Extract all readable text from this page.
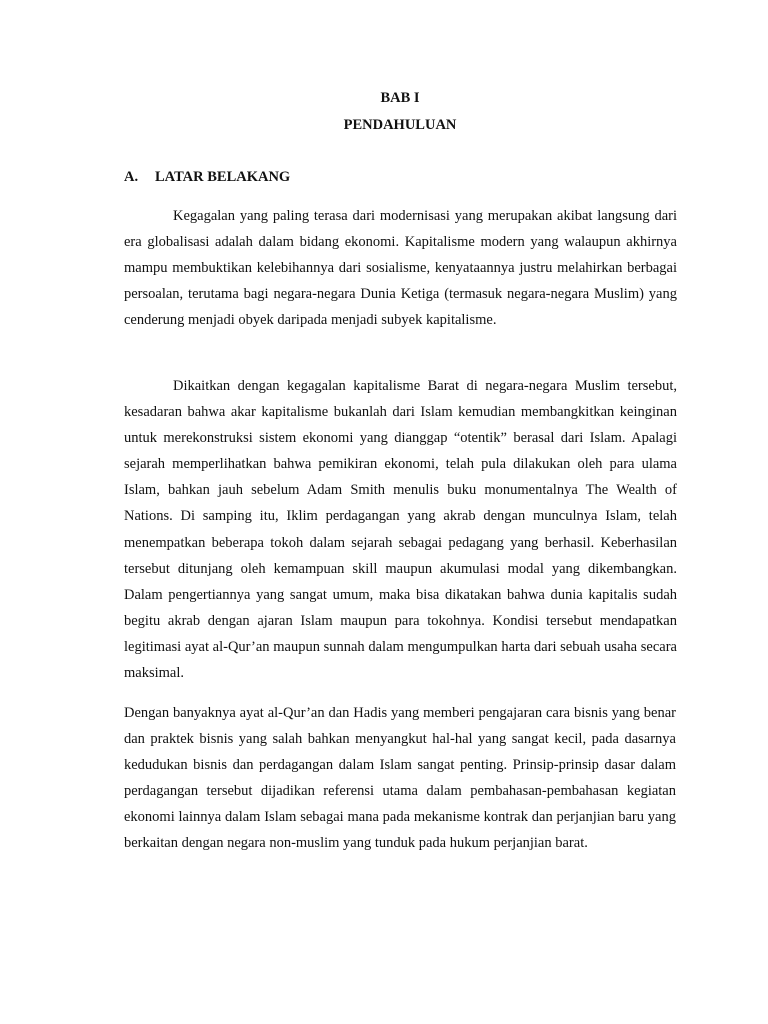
BAB I
PENDAHULUAN
A. LATAR BELAKANG

Kegagalan yang paling terasa dari modernisasi yang merupakan akibat langsung dari era globalisasi adalah dalam bidang ekonomi. Kapitalisme modern yang walaupun akhirnya mampu membuktikan kelebihannya dari sosialisme, kenyataannya justru melahirkan berbagai persoalan, terutama bagi negara-negara Dunia Ketiga (termasuk negara-negara Muslim) yang cenderung menjadi obyek daripada menjadi subyek kapitalisme.

Dikaitkan dengan kegagalan kapitalisme Barat di negara-negara Muslim tersebut, kesadaran bahwa akar kapitalisme bukanlah dari Islam kemudian membangkitkan keinginan untuk merekonstruksi sistem ekonomi yang dianggap “otentik” berasal dari Islam. Apalagi sejarah memperlihatkan bahwa pemikiran ekonomi, telah pula dilakukan oleh para ulama Islam, bahkan jauh sebelum Adam Smith menulis buku monumentalnya The Wealth of Nations. Di samping itu, Iklim perdagangan yang akrab dengan munculnya Islam, telah menempatkan beberapa tokoh dalam sejarah sebagai pedagang yang berhasil. Keberhasilan tersebut ditunjang oleh kemampuan skill maupun akumulasi modal yang dikembangkan. Dalam pengertiannya yang sangat umum, maka bisa dikatakan bahwa dunia kapitalis sudah begitu akrab dengan ajaran Islam maupun para tokohnya. Kondisi tersebut mendapatkan legitimasi ayat al-Qur’an maupun sunnah dalam mengumpulkan harta dari sebuah usaha secara maksimal.

Dengan banyaknya ayat al-Qur’an dan Hadis yang memberi pengajaran cara bisnis yang benar dan praktek bisnis yang salah bahkan menyangkut hal-hal yang sangat kecil, pada dasarnya kedudukan bisnis dan perdagangan dalam Islam sangat penting. Prinsip-prinsip dasar dalam perdagangan tersebut dijadikan referensi utama dalam pembahasan-pembahasan kegiatan ekonomi lainnya dalam Islam sebagai mana pada mekanisme kontrak dan perjanjian baru yang berkaitan dengan negara non-muslim yang tunduk pada hukum perjanjian barat.
